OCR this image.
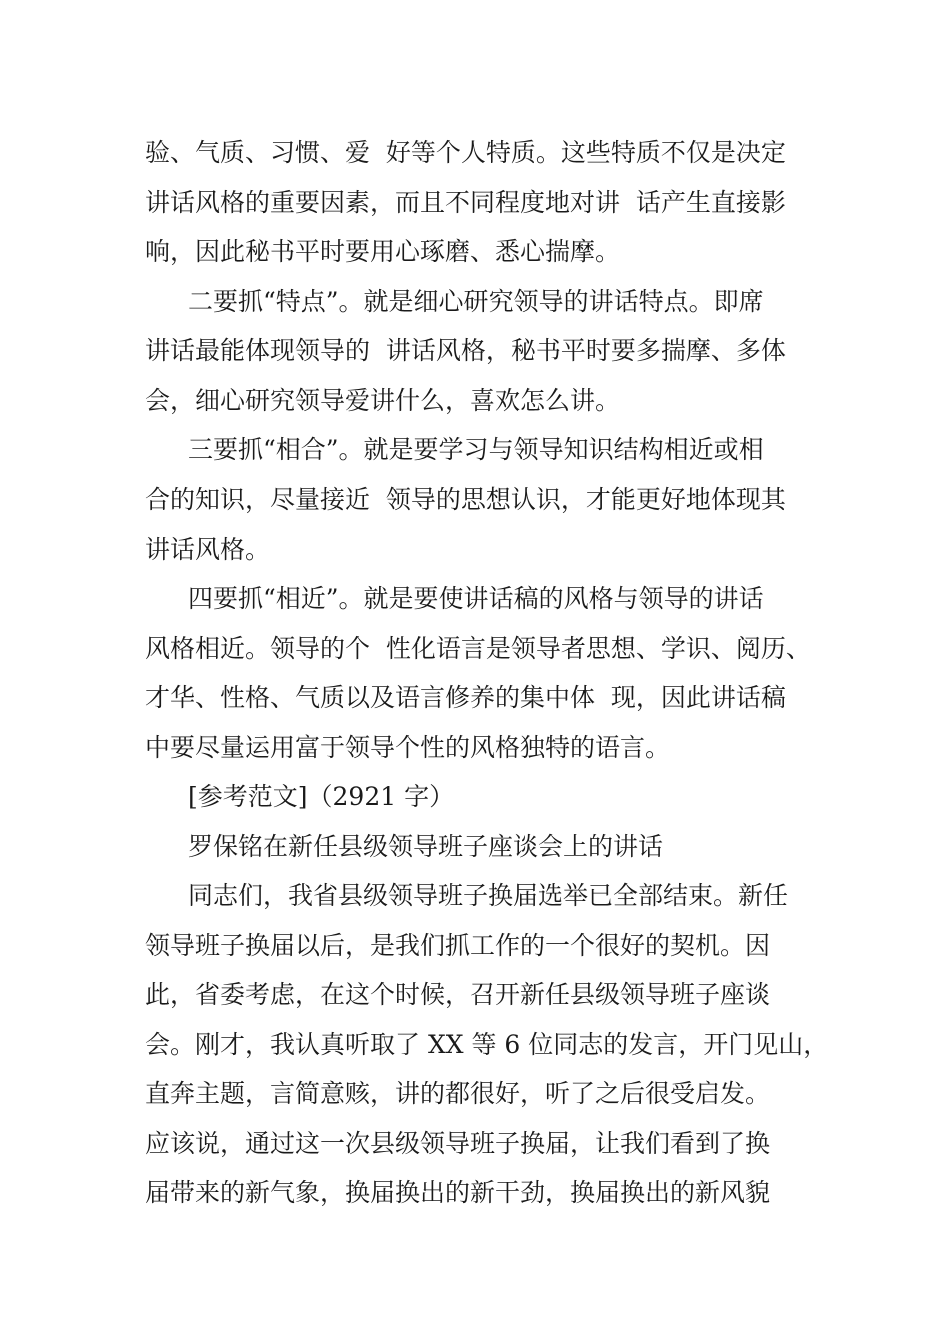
验、气质、习惯、爱  好等个人特质。这些特质不仅是决定
讲话风格的重要因素，而且不同程度地对讲  话产生直接影
响，因此秘书平时要用心琢磨、悉心揣摩。
二要抓“特点”。就是细心研究领导的讲话特点。即席
讲话最能体现领导的  讲话风格，秘书平时要多揣摩、多体
会，细心研究领导爱讲什么，喜欢怎么讲。
三要抓“相合”。就是要学习与领导知识结构相近或相
合的知识，尽量接近  领导的思想认识，才能更好地体现其
讲话风格。
四要抓“相近”。就是要使讲话稿的风格与领导的讲话
风格相近。领导的个  性化语言是领导者思想、学识、阅历、
才华、性格、气质以及语言修养的集中体  现，因此讲话稿
中要尽量运用富于领导个性的风格独特的语言。
[参考范文]（2921 字）
罗保铭在新任县级领导班子座谈会上的讲话
同志们，我省县级领导班子换届选举已全部结束。新任
领导班子换届以后，是我们抓工作的一个很好的契机。因
此，省委考虑，在这个时候，召开新任县级领导班子座谈
会。刚才，我认真听取了 XX 等 6 位同志的发言，开门见山，
直奔主题，言简意赅，讲的都很好，听了之后很受启发。
应该说，通过这一次县级领导班子换届，让我们看到了换
届带来的新气象，换届换出的新干劲，换届换出的新风貌
